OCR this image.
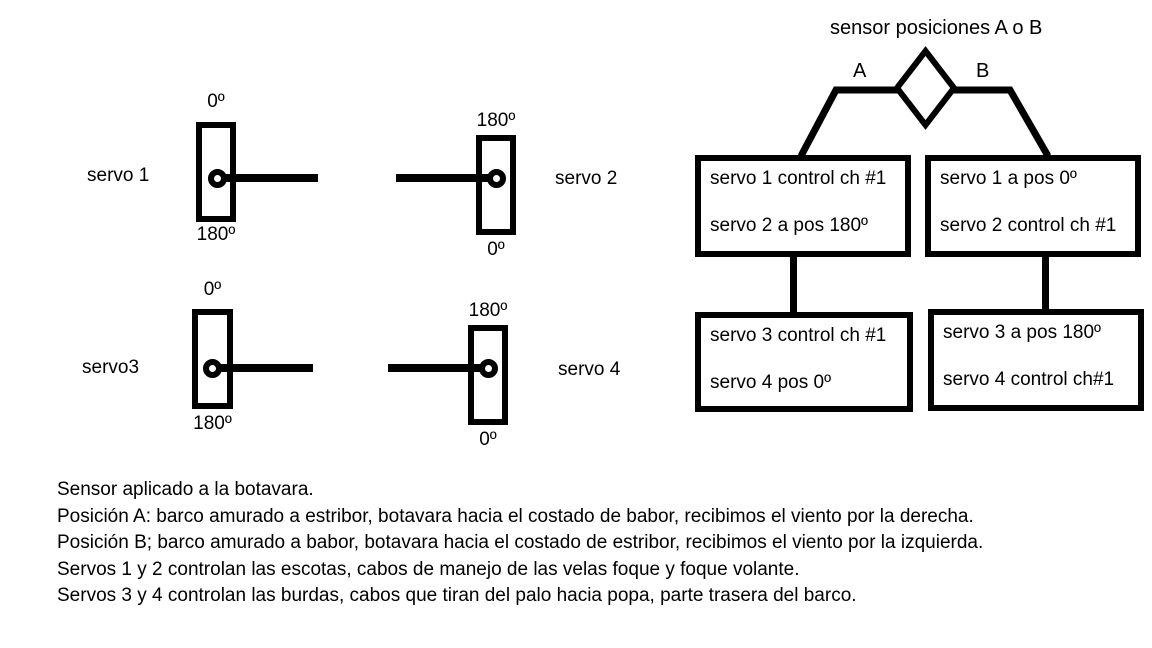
servo 1
0º
180º
180º
servo 2
0º
servo3
0º
180º
180º
servo 4
0º
sensor posiciones A o B
A	B
servo 1 control ch #1
servo 2 a pos 180º
servo 1 a pos 0º
servo 2 control ch #1
servo 3 control ch #1
servo 4 pos 0º
servo 3 a pos 180º
servo 4 control ch#1
Sensor aplicado a la botavara.
Posición A: barco amurado a estribor, botavara hacia el costado de babor, recibimos el viento por la derecha.
Posición B; barco amurado a babor, botavara hacia el costado de estribor, recibimos el viento por la izquierda.
Servos 1 y 2 controlan las escotas, cabos de manejo de las velas foque y foque volante.
Servos 3 y 4 controlan las burdas, cabos que tiran del palo hacia popa, parte trasera del barco.
